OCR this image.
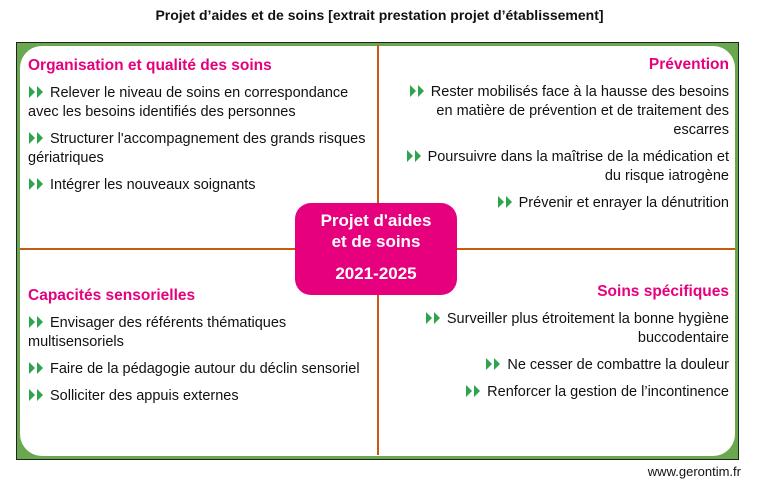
Projet d’aides et de soins [extrait prestation projet d’établissement]
Organisation et qualité des soins
Relever le niveau de soins en correspondance avec les besoins identifiés des personnes
Structurer l'accompagnement des grands risques gériatriques
Intégrer les nouveaux soignants
Prévention
Rester mobilisés face à la hausse des besoins en matière de prévention et de traitement des escarres
Poursuivre dans la maîtrise de la médication et du risque iatrogène
Prévenir et enrayer la dénutrition
Capacités sensorielles
Envisager des référents thématiques multisensoriels
Faire de la pédagogie autour du déclin sensoriel
Solliciter des appuis externes
Soins spécifiques
Surveiller plus étroitement la bonne hygiène buccodentaire
Ne cesser de combattre la douleur
Renforcer la gestion de l’incontinence
Projet d'aides
et de soins
2021-2025
www.gerontim.fr
